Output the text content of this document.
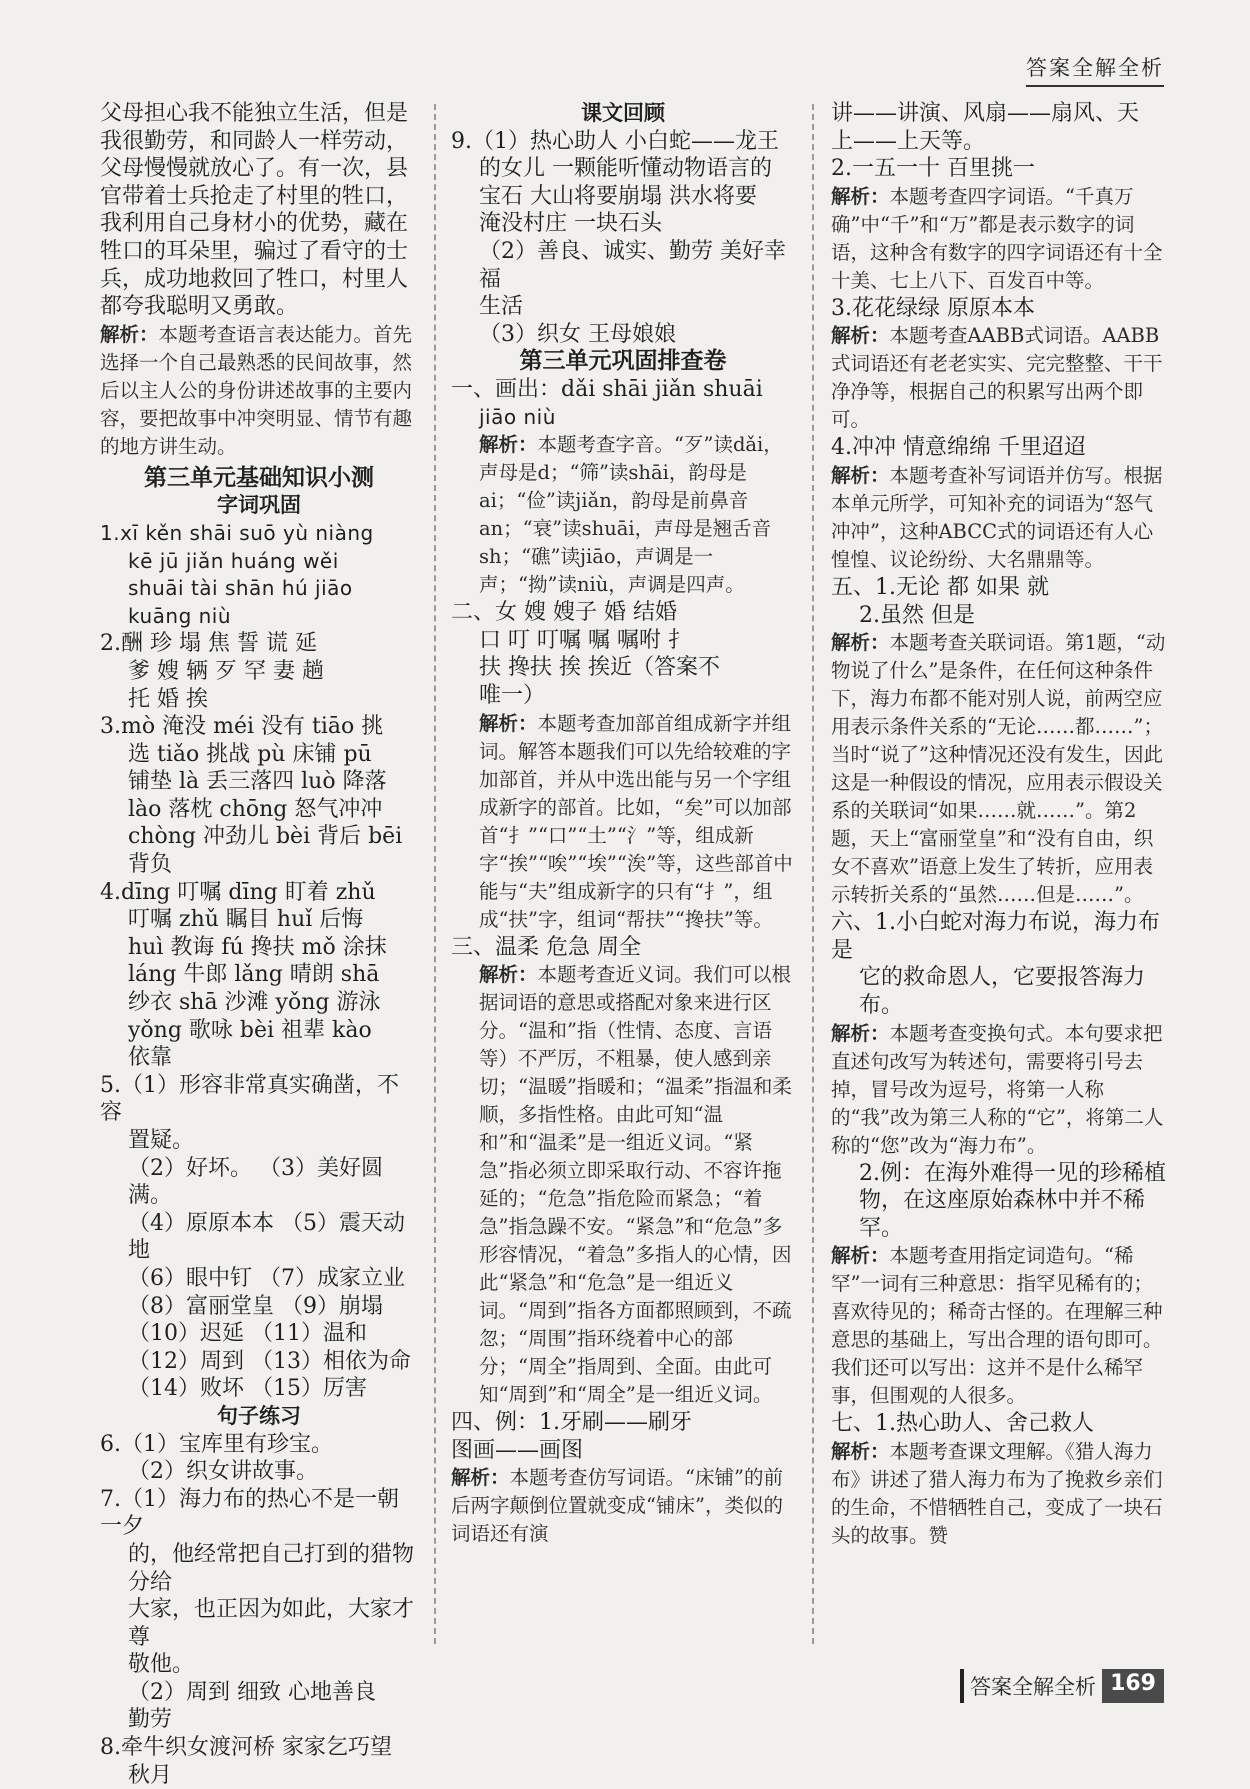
答案全解全析

父母担心我不能独立生活，但是

我很勤劳，和同龄人一样劳动，

父母慢慢就放心了。有一次，县

官带着士兵抢走了村里的牲口，

我利用自己身材小的优势，藏在

牲口的耳朵里，骗过了看守的士

兵，成功地救回了牲口，村里人

都夸我聪明又勇敢。

解析：本题考查语言表达能力。首先选择一个自己最熟悉的民间故事，然后以主人公的身份讲述故事的主要内容，要把故事中冲突明显、情节有趣的地方讲生动。

第三单元基础知识小测

字词巩固

1.xī kěn shāi suō yù niàng

kē jū jiǎn huáng wěi

shuāi tài shān hú jiāo

kuāng niù

2.酬 珍 塌 焦 誓 谎 延

爹 嫂 辆 歹 罕 妻 趟

托 婚 挨

3.mò 淹没 méi 没有 tiāo 挑

选 tiǎo 挑战 pù 床铺 pū

铺垫 là 丢三落四 luò 降落

lào 落枕 chōng 怒气冲冲

chòng 冲劲儿 bèi 背后 bēi

背负

4.dīng 叮嘱 dīng 盯着 zhǔ

叮嘱 zhǔ 瞩目 huǐ 后悔

huì 教诲 fú 搀扶 mǒ 涂抹

láng 牛郎 lǎng 晴朗 shā

纱衣 shā 沙滩 yǒng 游泳

yǒng 歌咏 bèi 祖辈 kào

依靠

5.（1）形容非常真实确凿，不容

置疑。

（2）好坏。 （3）美好圆满。

（4）原原本本 （5）震天动地

（6）眼中钉 （7）成家立业

（8）富丽堂皇 （9）崩塌

（10）迟延 （11）温和

（12）周到 （13）相依为命

（14）败坏 （15）厉害

句子练习

6.（1）宝库里有珍宝。

（2）织女讲故事。

7.（1）海力布的热心不是一朝一夕

的，他经常把自己打到的猎物分给

大家，也正因为如此，大家才尊

敬他。

（2）周到 细致 心地善良

勤劳

8.牵牛织女渡河桥 家家乞巧望

秋月

课文回顾

9.（1）热心助人 小白蛇——龙王

的女儿 一颗能听懂动物语言的

宝石 大山将要崩塌 洪水将要

淹没村庄 一块石头

（2）善良、诚实、勤劳 美好幸福

生活

（3）织女 王母娘娘

第三单元巩固排查卷

一、画出：dǎi shāi jiǎn shuāi

jiāo niù

解析：本题考查字音。“歹”读dǎi，声母是d；“筛”读shāi，韵母是ai；“俭”读jiǎn，韵母是前鼻音an；“衰”读shuāi，声母是翘舌音sh；“礁”读jiāo，声调是一声；“拗”读niù，声调是四声。

二、女 嫂 嫂子 婚 结婚

口 叮 叮嘱 嘱 嘱咐 扌

扶 搀扶 挨 挨近（答案不

唯一）

解析：本题考查加部首组成新字并组词。解答本题我们可以先给较难的字加部首，并从中选出能与另一个字组成新字的部首。比如，“矣”可以加部首“扌”“口”“土”“氵”等，组成新字“挨”“唉”“埃”“涘”等，这些部首中能与“夫”组成新字的只有“扌”，组成“扶”字，组词“帮扶”“搀扶”等。

三、温柔 危急 周全

解析：本题考查近义词。我们可以根据词语的意思或搭配对象来进行区分。“温和”指（性情、态度、言语等）不严厉，不粗暴，使人感到亲切；“温暖”指暖和；“温柔”指温和柔顺，多指性格。由此可知“温和”和“温柔”是一组近义词。“紧急”指必须立即采取行动、不容许拖延的；“危急”指危险而紧急；“着急”指急躁不安。“紧急”和“危急”多形容情况，“着急”多指人的心情，因此“紧急”和“危急”是一组近义词。“周到”指各方面都照顾到，不疏忽；“周围”指环绕着中心的部分；“周全”指周到、全面。由此可知“周到”和“周全”是一组近义词。

四、例：1.牙刷——刷牙

图画——画图

解析：本题考查仿写词语。“床铺”的前后两字颠倒位置就变成“铺床”，类似的词语还有演

讲——讲演、风扇——扇风、天

上——上天等。

2.一五一十 百里挑一

解析：本题考查四字词语。“千真万确”中“千”和“万”都是表示数字的词语，这种含有数字的四字词语还有十全十美、七上八下、百发百中等。

3.花花绿绿 原原本本

解析：本题考查AABB式词语。AABB式词语还有老老实实、完完整整、干干净净等，根据自己的积累写出两个即可。

4.冲冲 情意绵绵 千里迢迢

解析：本题考查补写词语并仿写。根据本单元所学，可知补充的词语为“怒气冲冲”，这种ABCC式的词语还有人心惶惶、议论纷纷、大名鼎鼎等。

五、1.无论 都 如果 就

2.虽然 但是

解析：本题考查关联词语。第1题，“动物说了什么”是条件，在任何这种条件下，海力布都不能对别人说，前两空应用表示条件关系的“无论……都……”；当时“说了”这种情况还没有发生，因此这是一种假设的情况，应用表示假设关系的关联词“如果……就……”。第2题，天上“富丽堂皇”和“没有自由，织女不喜欢”语意上发生了转折，应用表示转折关系的“虽然……但是……”。

六、1.小白蛇对海力布说，海力布是

它的救命恩人，它要报答海力布。

解析：本题考查变换句式。本句要求把直述句改写为转述句，需要将引号去掉，冒号改为逗号，将第一人称的“我”改为第三人称的“它”，将第二人称的“您”改为“海力布”。

2.例：在海外难得一见的珍稀植

物，在这座原始森林中并不稀罕。

解析：本题考查用指定词造句。“稀罕”一词有三种意思：指罕见稀有的；喜欢待见的；稀奇古怪的。在理解三种意思的基础上，写出合理的语句即可。我们还可以写出：这并不是什么稀罕事，但围观的人很多。

七、1.热心助人、舍己救人

解析：本题考查课文理解。《猎人海力布》讲述了猎人海力布为了挽救乡亲们的生命，不惜牺牲自己，变成了一块石头的故事。赞

答案全解全析 169
